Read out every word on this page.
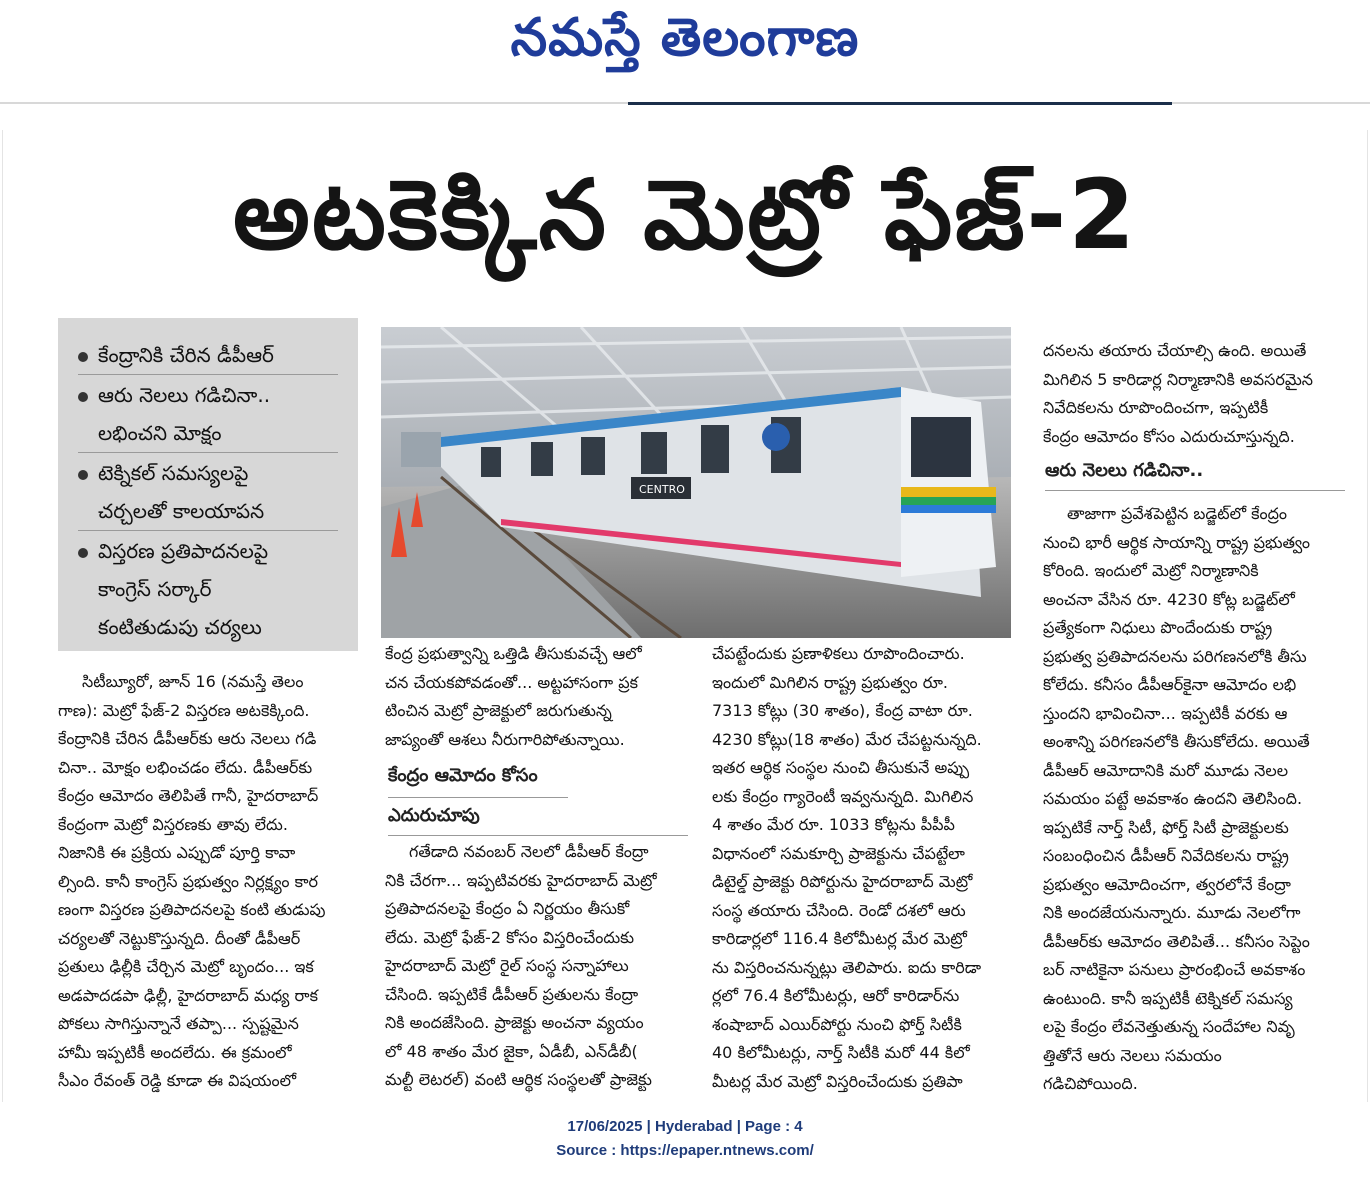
నమస్తే తెలంగాణ
అటకెక్కిన మెట్రో ఫేజ్‌-2
కేంద్రానికి చేరిన డీపీఆర్‌
ఆరు నెలలు గడిచినా..
లభించని మోక్షం
టెక్నికల్‌ సమస్యలపై
చర్చలతో కాలయాపన
విస్తరణ ప్రతిపాదనలపై
కాంగ్రెస్‌ సర్కార్‌
కంటితుడుపు చర్యలు
CENTRO

సిటీబ్యూరో, జూన్‌ 16 (నమస్తే తెలం

గాణ): మెట్రో ఫేజ్‌-2 విస్తరణ అటకెక్కింది.

కేంద్రానికి చేరిన డీపీఆర్‌కు ఆరు నెలలు గడి

చినా.. మోక్షం లభించడం లేదు. డీపీఆర్‌కు

కేంద్రం ఆమోదం తెలిపితే గానీ, హైదరాబాద్‌

కేంద్రంగా మెట్రో విస్తరణకు తావు లేదు.

నిజానికి ఈ ప్రక్రియ ఎప్పుడో పూర్తి కావా

ల్సింది. కానీ కాంగ్రెస్‌ ప్రభుత్వం నిర్లక్ష్యం కార

ణంగా విస్తరణ ప్రతిపాదనలపై కంటి తుడుపు

చర్యలతో నెట్టుకొస్తున్నది. దీంతో డీపీఆర్‌

ప్రతులు ఢిల్లీకి చేర్చిన మెట్రో బృందం... ఇక

అడపాదడపా ఢిల్లీ, హైదరాబాద్‌ మధ్య రాక

పోకలు సాగిస్తున్నానే తప్పా... స్పష్టమైన

హామీ ఇప్పటికీ అందలేదు. ఈ క్రమంలో

సీఎం రేవంత్‌ రెడ్డి కూడా ఈ విషయంలో

కేంద్ర ప్రభుత్వాన్ని ఒత్తిడి తీసుకువచ్చే ఆలో

చన చేయకపోవడంతో... అట్టహాసంగా ప్రక

టించిన మెట్రో ప్రాజెక్టులో జరుగుతున్న

జాప్యంతో ఆశలు నీరుగారిపోతున్నాయి.

కేంద్రం ఆమోదం కోసం
ఎదురుచూపు

గతేడాది నవంబర్‌ నెలలో డీపీఆర్‌ కేంద్రా

నికి చేరగా... ఇప్పటివరకు హైదరాబాద్‌ మెట్రో

ప్రతిపాదనలపై కేంద్రం ఏ నిర్ణయం తీసుకో

లేదు. మెట్రో ఫేజ్‌-2 కోసం విస్తరించేందుకు

హైదరాబాద్‌ మెట్రో రైల్‌ సంస్థ సన్నాహాలు

చేసింది. ఇప్పటికే డీపీఆర్‌ ప్రతులను కేంద్రా

నికి అందజేసింది. ప్రాజెక్టు అంచనా వ్యయం

లో 48 శాతం మేర జైకా, ఏడీబీ, ఎన్‌డీబీ(

మల్టీ లెటరల్‌) వంటి ఆర్థిక సంస్థలతో ప్రాజెక్టు

చేపట్టేందుకు ప్రణాళికలు రూపొందించారు.

ఇందులో మిగిలిన రాష్ట్ర ప్రభుత్వం రూ.

7313 కోట్లు (30 శాతం), కేంద్ర వాటా రూ.

4230 కోట్లు(18 శాతం) మేర చేపట్టనున్నది.

ఇతర ఆర్థిక సంస్థల నుంచి తీసుకునే అప్పు

లకు కేంద్రం గ్యారెంటీ ఇవ్వనున్నది. మిగిలిన

4 శాతం మేర రూ. 1033 కోట్లను పీపీపీ

విధానంలో సమకూర్చి ప్రాజెక్టును చేపట్టేలా

డిటైల్డ్‌ ప్రాజెక్టు రిపోర్టును హైదరాబాద్‌ మెట్రో

సంస్థ తయారు చేసింది. రెండో దశలో ఆరు

కారిడార్లలో 116.4 కిలోమీటర్ల మేర మెట్రో

ను విస్తరించనున్నట్లు తెలిపారు. ఐదు కారిడా

ర్లలో 76.4 కిలోమీటర్లు, ఆరో కారిడార్‌ను

శంషాబాద్‌ ఎయిర్‌పోర్టు నుంచి ఫోర్త్‌ సిటీకి

40 కిలోమీటర్లు, నార్త్‌ సిటీకి మరో 44 కిలో

మీటర్ల మేర మెట్రో విస్తరించేందుకు ప్రతిపా

దనలను తయారు చేయాల్సి ఉంది. అయితే

మిగిలిన 5 కారిడార్ల నిర్మాణానికి అవసరమైన

నివేదికలను రూపొందించగా, ఇప్పటికీ

కేంద్రం ఆమోదం కోసం ఎదురుచూస్తున్నది.

ఆరు నెలలు గడిచినా..

తాజాగా ప్రవేశపెట్టిన బడ్జెట్‌లో కేంద్రం

నుంచి భారీ ఆర్థిక సాయాన్ని రాష్ట్ర ప్రభుత్వం

కోరింది. ఇందులో మెట్రో నిర్మాణానికి

అంచనా వేసిన రూ. 4230 కోట్ల బడ్జెట్‌లో

ప్రత్యేకంగా నిధులు పొందేందుకు రాష్ట్ర

ప్రభుత్వ ప్రతిపాదనలను పరిగణనలోకి తీసు

కోలేదు. కనీసం డీపీఆర్‌కైనా ఆమోదం లభి

స్తుందని భావించినా... ఇప్పటికీ వరకు ఆ

అంశాన్ని పరిగణనలోకి తీసుకోలేదు. అయితే

డీపీఆర్‌ ఆమోదానికి మరో మూడు నెలల

సమయం పట్టే అవకాశం ఉందని తెలిసింది.

ఇప్పటికే నార్త్‌ సిటీ, ఫోర్త్‌ సిటీ ప్రాజెక్టులకు

సంబంధించిన డీపీఆర్‌ నివేదికలను రాష్ట్ర

ప్రభుత్వం ఆమోదించగా, త్వరలోనే కేంద్రా

నికి అందజేయనున్నారు. మూడు నెలలోగా

డీపీఆర్‌కు ఆమోదం తెలిపితే... కనీసం సెప్టెం

బర్‌ నాటికైనా పనులు ప్రారంభించే అవకాశం

ఉంటుంది. కానీ ఇప్పటికీ టెక్నికల్‌ సమస్య

లపై కేంద్రం లేవనెత్తుతున్న సందేహాల నివృ

త్తితోనే ఆరు నెలలు సమయం

గడిచిపోయింది.

17/06/2025 | Hyderabad | Page : 4
Source : https://epaper.ntnews.com/
